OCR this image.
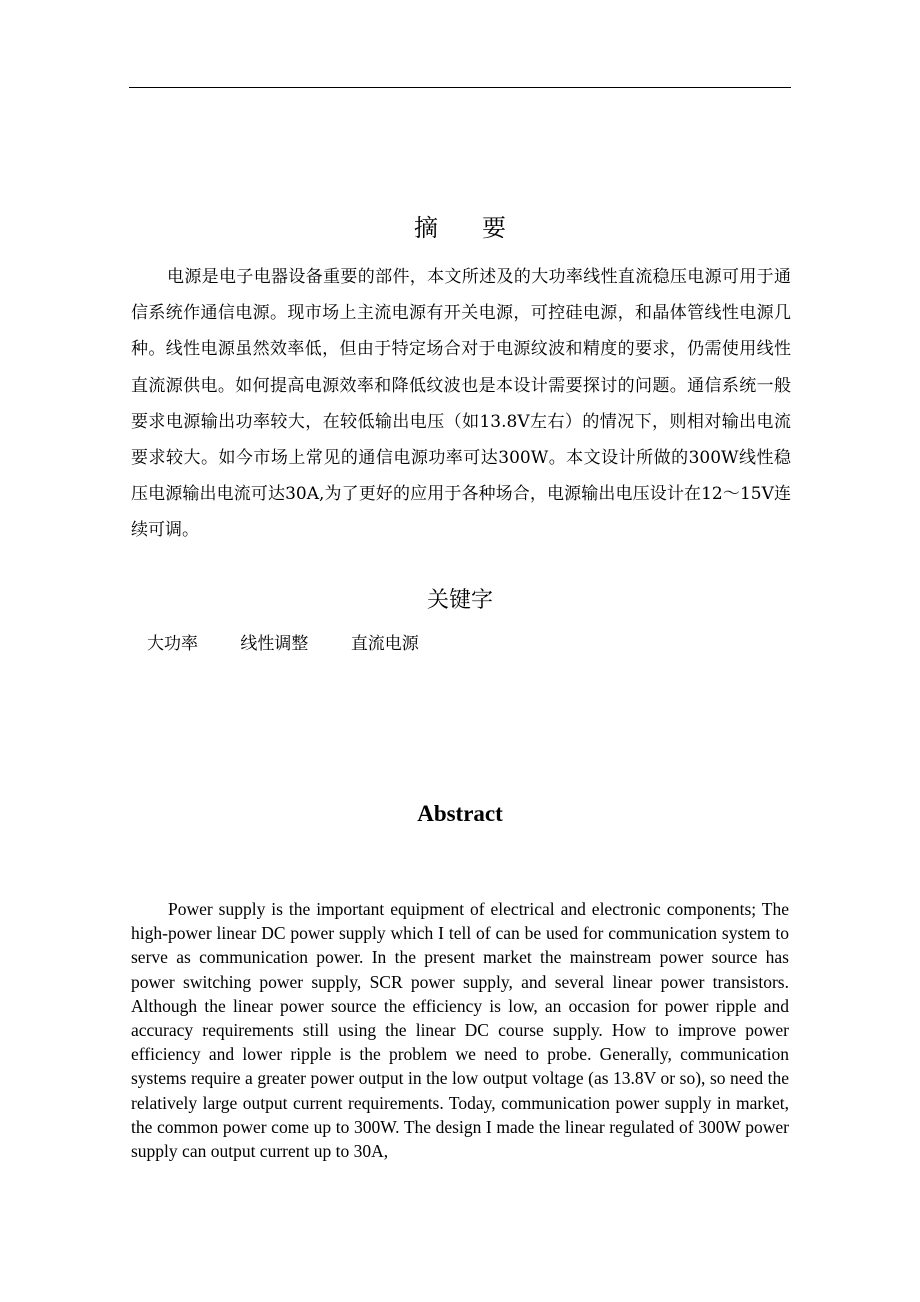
摘 要

电源是电子电器设备重要的部件，本文所述及的大功率线性直流稳压电源可用于通信系统作通信电源。现市场上主流电源有开关电源，可控硅电源，和晶体管线性电源几种。线性电源虽然效率低，但由于特定场合对于电源纹波和精度的要求，仍需使用线性直流源供电。如何提高电源效率和降低纹波也是本设计需要探讨的问题。通信系统一般要求电源输出功率较大，在较低输出电压（如13.8V左右）的情况下，则相对输出电流要求较大。如今市场上常见的通信电源功率可达300W。本文设计所做的300W线性稳压电源输出电流可达30A,为了更好的应用于各种场合，电源输出电压设计在12～15V连续可调。

关键字
大功率 线性调整 直流电源
Abstract

Power supply is the important equipment of electrical and electronic components; The high-power linear DC power supply which I tell of can be used for communication system to serve as communication power. In the present market the mainstream power source has power switching power supply, SCR power supply, and several linear power transistors. Although the linear power source the efficiency is low, an occasion for power ripple and accuracy requirements still using the linear DC course supply. How to improve power efficiency and lower ripple is the problem we need to probe. Generally, communication systems require a greater power output in the low output voltage (as 13.8V or so), so need the relatively large output current requirements. Today, communication power supply in market, the common power come up to 300W. The design I made the linear regulated of 300W power supply can output current up to 30A,
